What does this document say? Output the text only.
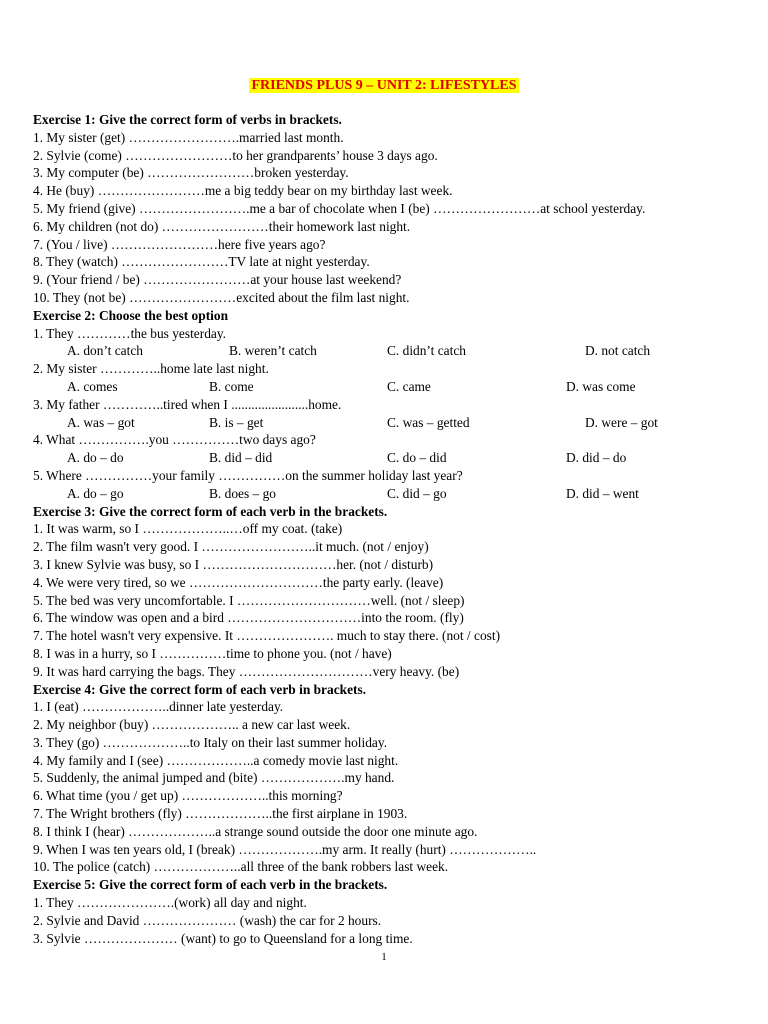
FRIENDS PLUS 9 – UNIT 2: LIFESTYLES
Exercise 1: Give the correct form of verbs in brackets.
1. My sister (get) …………………….married last month.
2. Sylvie (come) ……………………to her grandparents’ house 3 days ago.
3. My computer (be) ……………………broken yesterday.
4. He (buy) ……………………me a big teddy bear on my birthday last week.
5. My friend (give) …………………….me a bar of chocolate when I (be) ……………………at school yesterday.
6. My children (not do) ……………………their homework last night.
7. (You / live) ……………………here five years ago?
8. They (watch) ……………………TV late at night yesterday.
9. (Your friend / be) ……………………at your house last weekend?
10. They (not be) ……………………excited about the film last night.
Exercise 2: Choose the best option
1. They …………the bus yesterday.
A. don’t catch	B. weren’t catch	C. didn’t catch	D. not catch
2. My sister …………..home late last night.
A. comes	B. come	C. came	D. was come
3. My father …………..tired when I .......................home.
A. was – got	B. is – get	C. was – getted	D. were – got
4. What …………….you ……………two days ago?
A. do – do	B. did – did	C. do – did	D. did – do
5. Where ……………your family ……………on the summer holiday last year?
A. do – go	B. does – go	C. did – go	D. did – went
Exercise 3: Give the correct form of each verb in the brackets.
1. It was warm, so I ………………..…off my coat. (take)
2. The film wasn't very good. I ……………………..it much. (not / enjoy)
3. I knew Sylvie was busy, so I …………………………her. (not / disturb)
4. We were very tired, so we …………………………the party early. (leave)
5. The bed was very uncomfortable. I …………………………well. (not / sleep)
6. The window was open and a bird …………………………into the room. (fly)
7. The hotel wasn't very expensive. It …………………. much to stay there. (not / cost)
8. I was in a hurry, so I ……………time to phone you. (not / have)
9. It was hard carrying the bags. They …………………………very heavy. (be)
Exercise 4: Give the correct form of each verb in brackets.
1. I (eat) ………………..dinner late yesterday.
2. My neighbor (buy) ……………….. a new car last week.
3. They (go) ………………..to Italy on their last summer holiday.
4. My family and I (see) ………………..a comedy movie last night.
5. Suddenly, the animal jumped and (bite) ……………….my hand.
6. What time (you / get up) ………………..this morning?
7. The Wright brothers (fly) ………………..the first airplane in 1903.
8. I think I (hear) ………………..a strange sound outside the door one minute ago.
9. When I was ten years old, I (break) ……………….my arm. It really (hurt) ………………..
10. The police (catch) ………………..all three of the bank robbers last week.
Exercise 5: Give the correct form of each verb in the brackets.
1. They ………………….(work) all day and night.
2. Sylvie and David ………………… (wash) the car for 2 hours.
3. Sylvie ………………… (want) to go to Queensland for a long time.
1
